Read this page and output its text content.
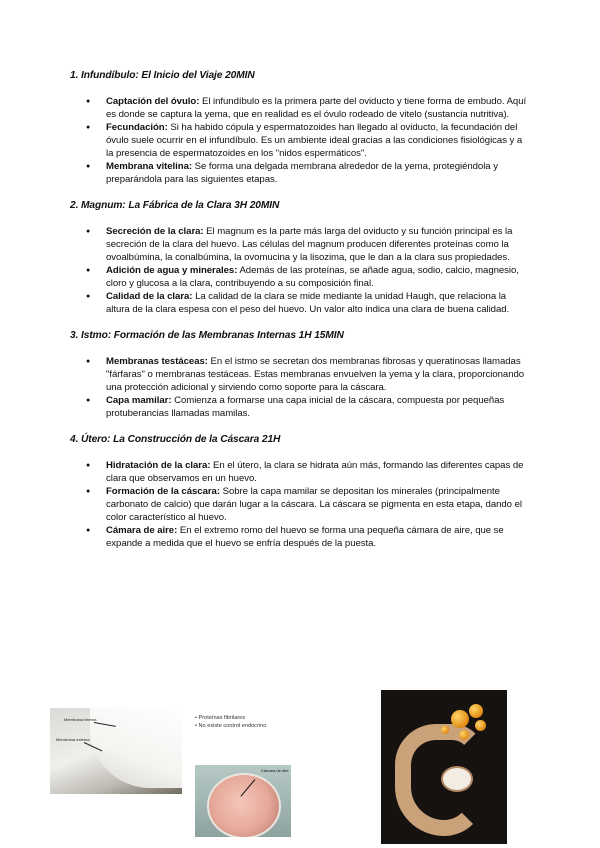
1. Infundíbulo: El Inicio del Viaje 20MIN
● Captación del óvulo: El infundíbulo es la primera parte del oviducto y tiene forma de embudo. Aquí es donde se captura la yema, que en realidad es el óvulo rodeado de vitelo (sustancia nutritiva).
● Fecundación: Si ha habido cópula y espermatozoides han llegado al oviducto, la fecundación del óvulo suele ocurrir en el infundíbulo. Es un ambiente ideal gracias a las condiciones fisiológicas y a la presencia de espermatozoides en los "nidos espermáticos".
● Membrana vitelina: Se forma una delgada membrana alrededor de la yema, protegiéndola y preparándola para las siguientes etapas.
2. Magnum: La Fábrica de la Clara 3H 20MIN
● Secreción de la clara: El magnum es la parte más larga del oviducto y su función principal es la secreción de la clara del huevo. Las células del magnum producen diferentes proteínas como la ovoalbúmina, la conalbúmina, la ovomucina y la lisozima, que le dan a la clara sus propiedades.
● Adición de agua y minerales: Además de las proteínas, se añade agua, sodio, calcio, magnesio, cloro y glucosa a la clara, contribuyendo a su composición final.
● Calidad de la clara: La calidad de la clara se mide mediante la unidad Haugh, que relaciona la altura de la clara espesa con el peso del huevo. Un valor alto indica una clara de buena calidad.
3. Istmo: Formación de las Membranas Internas 1H 15MIN
● Membranas testáceas: En el istmo se secretan dos membranas fibrosas y queratinosas llamadas "fárfaras" o membranas testáceas. Estas membranas envuelven la yema y la clara, proporcionando una protección adicional y sirviendo como soporte para la cáscara.
● Capa mamilar: Comienza a formarse una capa inicial de la cáscara, compuesta por pequeñas protuberancias llamadas mamilas.
4. Útero: La Construcción de la Cáscara 21H
● Hidratación de la clara: En el útero, la clara se hidrata aún más, formando las diferentes capas de clara que observamos en un huevo.
● Formación de la cáscara: Sobre la capa mamilar se depositan los minerales (principalmente carbonato de calcio) que darán lugar a la cáscara. La cáscara se pigmenta en esta etapa, dando el color característico al huevo.
● Cámara de aire: En el extremo romo del huevo se forma una pequeña cámara de aire, que se expande a medida que el huevo se enfría después de la puesta.
Membrana interna
Membrana externa
• Proteínas fibrilares
• No existe control endocrino
Cámara de aire
